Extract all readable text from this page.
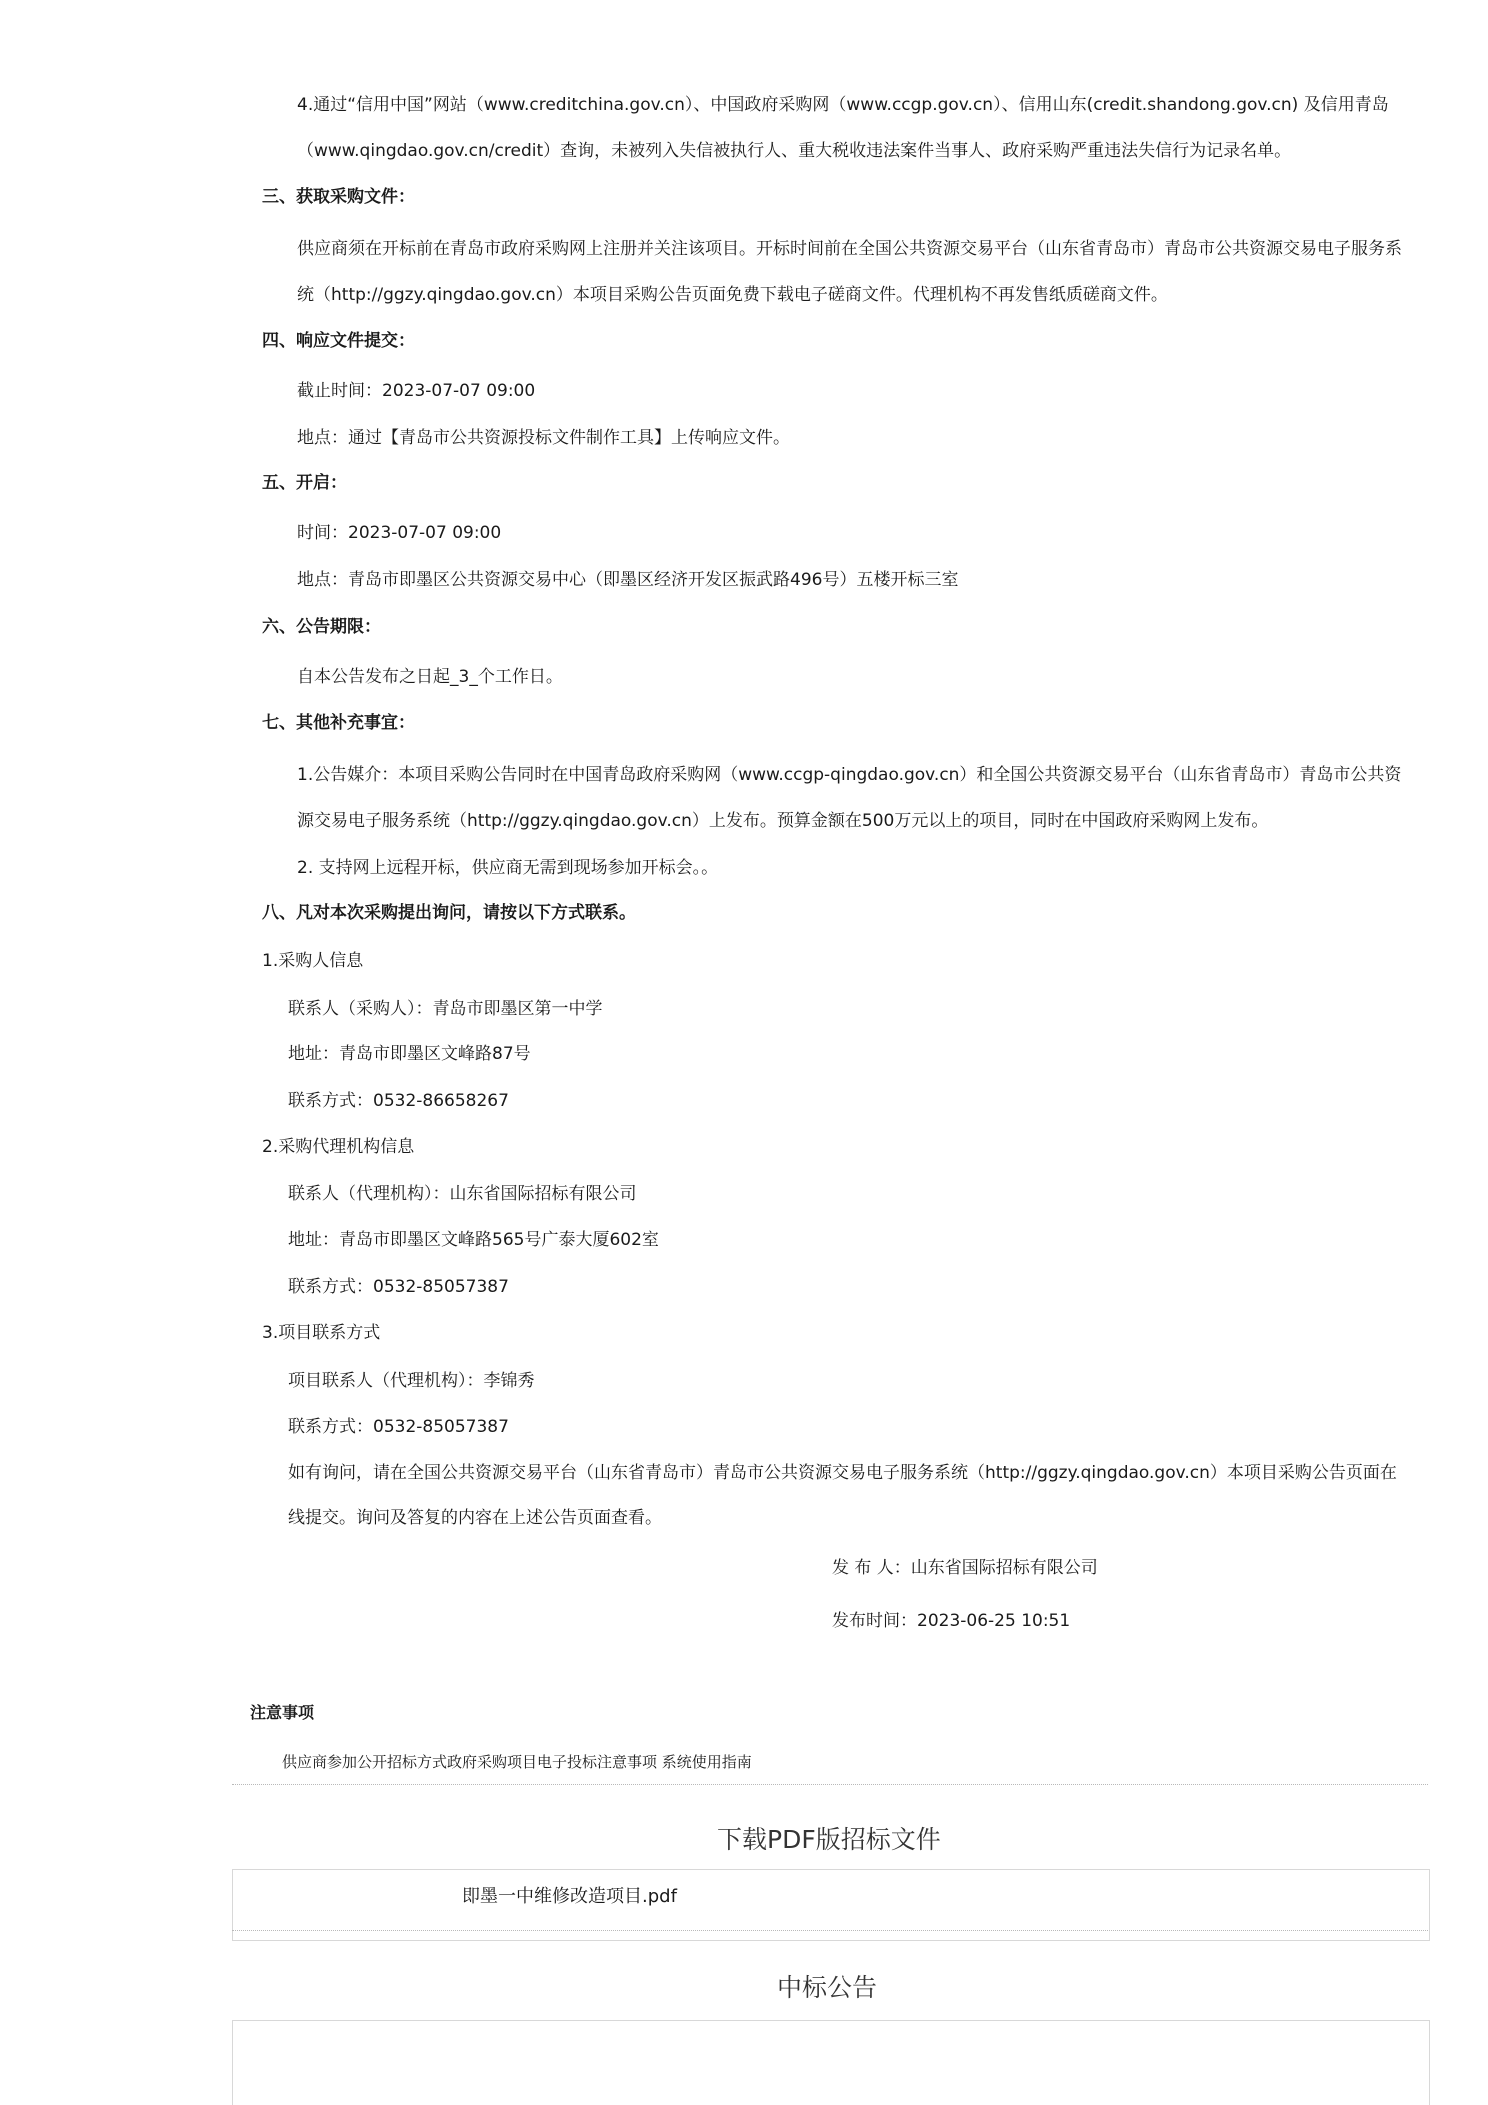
4.通过“信用中国”网站（www.creditchina.gov.cn）、中国政府采购网（www.ccgp.gov.cn）、信用山东(credit.shandong.gov.cn) 及信用青岛
（www.qingdao.gov.cn/credit）查询，未被列入失信被执行人、重大税收违法案件当事人、政府采购严重违法失信行为记录名单。
三、获取采购文件：
供应商须在开标前在青岛市政府采购网上注册并关注该项目。开标时间前在全国公共资源交易平台（山东省青岛市）青岛市公共资源交易电子服务系
统（http://ggzy.qingdao.gov.cn）本项目采购公告页面免费下载电子磋商文件。代理机构不再发售纸质磋商文件。
四、响应文件提交：
截止时间：2023-07-07 09:00
地点：通过【青岛市公共资源投标文件制作工具】上传响应文件。
五、开启：
时间：2023-07-07 09:00
地点：青岛市即墨区公共资源交易中心（即墨区经济开发区振武路496号）五楼开标三室
六、公告期限：
自本公告发布之日起_3_个工作日。
七、其他补充事宜：
1.公告媒介：本项目采购公告同时在中国青岛政府采购网（www.ccgp-qingdao.gov.cn）和全国公共资源交易平台（山东省青岛市）青岛市公共资
源交易电子服务系统（http://ggzy.qingdao.gov.cn）上发布。预算金额在500万元以上的项目，同时在中国政府采购网上发布。
2. 支持网上远程开标，供应商无需到现场参加开标会。。
八、凡对本次采购提出询问，请按以下方式联系。
1.采购人信息
联系人（采购人）：青岛市即墨区第一中学
地址：青岛市即墨区文峰路87号
联系方式：0532-86658267
2.采购代理机构信息
联系人（代理机构）：山东省国际招标有限公司
地址：青岛市即墨区文峰路565号广泰大厦602室
联系方式：0532-85057387
3.项目联系方式
项目联系人（代理机构）：李锦秀
联系方式：0532-85057387
如有询问，请在全国公共资源交易平台（山东省青岛市）青岛市公共资源交易电子服务系统（http://ggzy.qingdao.gov.cn）本项目采购公告页面在
线提交。询问及答复的内容在上述公告页面查看。
发 布 人：山东省国际招标有限公司
发布时间：2023-06-25 10:51
注意事项
供应商参加公开招标方式政府采购项目电子投标注意事项 系统使用指南
下载PDF版招标文件
即墨一中维修改造项目.pdf
中标公告
